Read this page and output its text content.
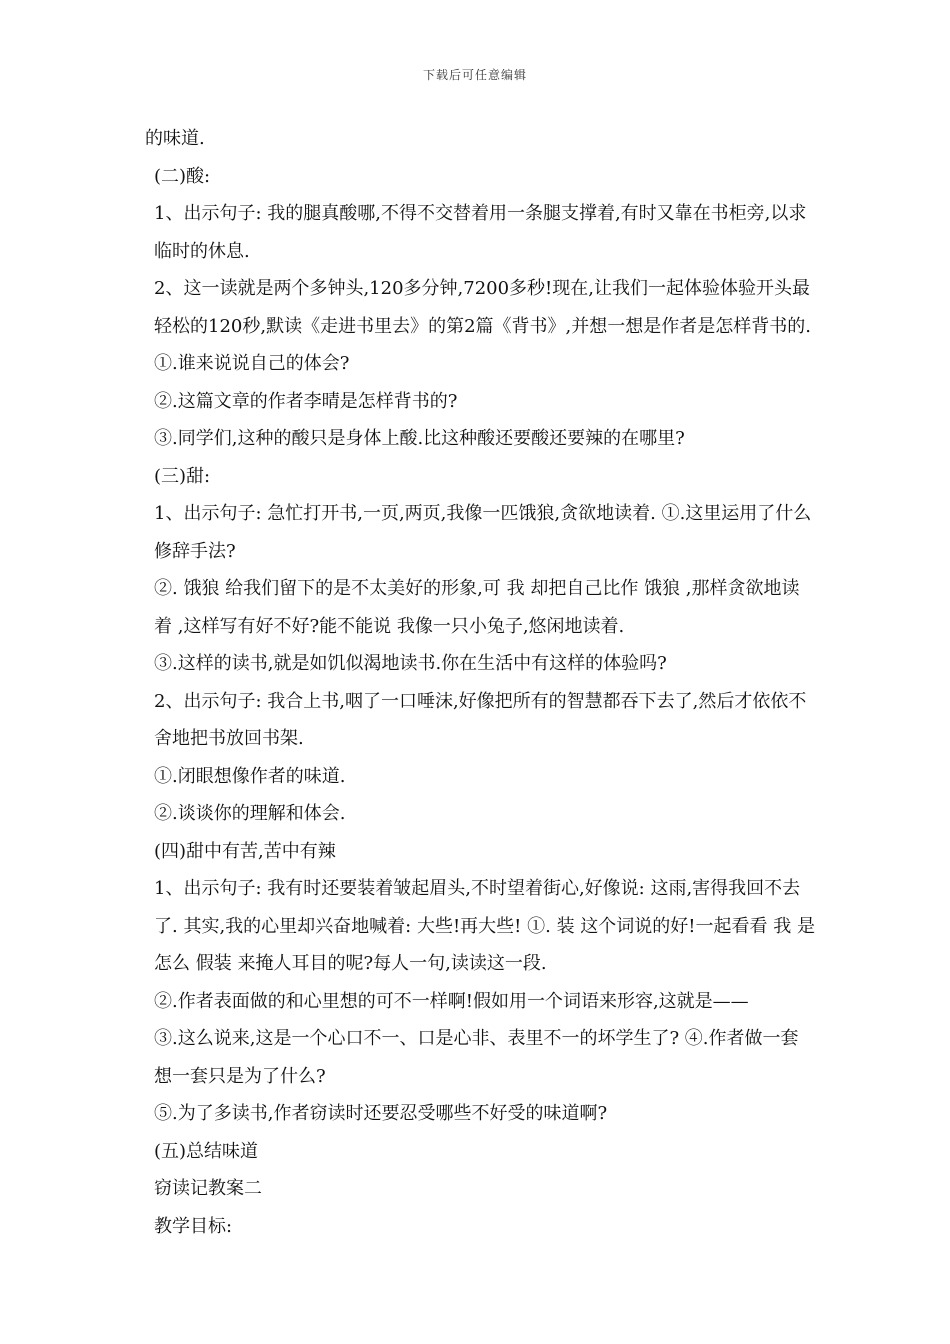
下载后可任意编辑

的味道.

(二)酸:

1、出示句子: 我的腿真酸哪,不得不交替着用一条腿支撑着,有时又靠在书柜旁,以求临时的休息.

2、这一读就是两个多钟头,120多分钟,7200多秒!现在,让我们一起体验体验开头最轻松的120秒,默读《走进书里去》的第2篇《背书》,并想一想是作者是怎样背书的.

①.谁来说说自己的体会?

②.这篇文章的作者李晴是怎样背书的?

③.同学们,这种的酸只是身体上酸.比这种酸还要酸还要辣的在哪里?

(三)甜:

1、出示句子: 急忙打开书,一页,两页,我像一匹饿狼,贪欲地读着. ①.这里运用了什么修辞手法?

②. 饿狼 给我们留下的是不太美好的形象,可 我 却把自己比作 饿狼 ,那样贪欲地读着 ,这样写有好不好?能不能说 我像一只小兔子,悠闲地读着.

③.这样的读书,就是如饥似渴地读书.你在生活中有这样的体验吗?

2、出示句子: 我合上书,咽了一口唾沫,好像把所有的智慧都吞下去了,然后才依依不舍地把书放回书架.

①.闭眼想像作者的味道.

②.谈谈你的理解和体会.

(四)甜中有苦,苦中有辣

1、出示句子: 我有时还要装着皱起眉头,不时望着街心,好像说: 这雨,害得我回不去了. 其实,我的心里却兴奋地喊着: 大些!再大些! ①. 装 这个词说的好!一起看看 我 是怎么 假装 来掩人耳目的呢?每人一句,读读这一段.

②.作者表面做的和心里想的可不一样啊!假如用一个词语来形容,这就是——

③.这么说来,这是一个心口不一、口是心非、表里不一的坏学生了? ④.作者做一套想一套只是为了什么?

⑤.为了多读书,作者窃读时还要忍受哪些不好受的味道啊?

(五)总结味道

窃读记教案二

教学目标:
